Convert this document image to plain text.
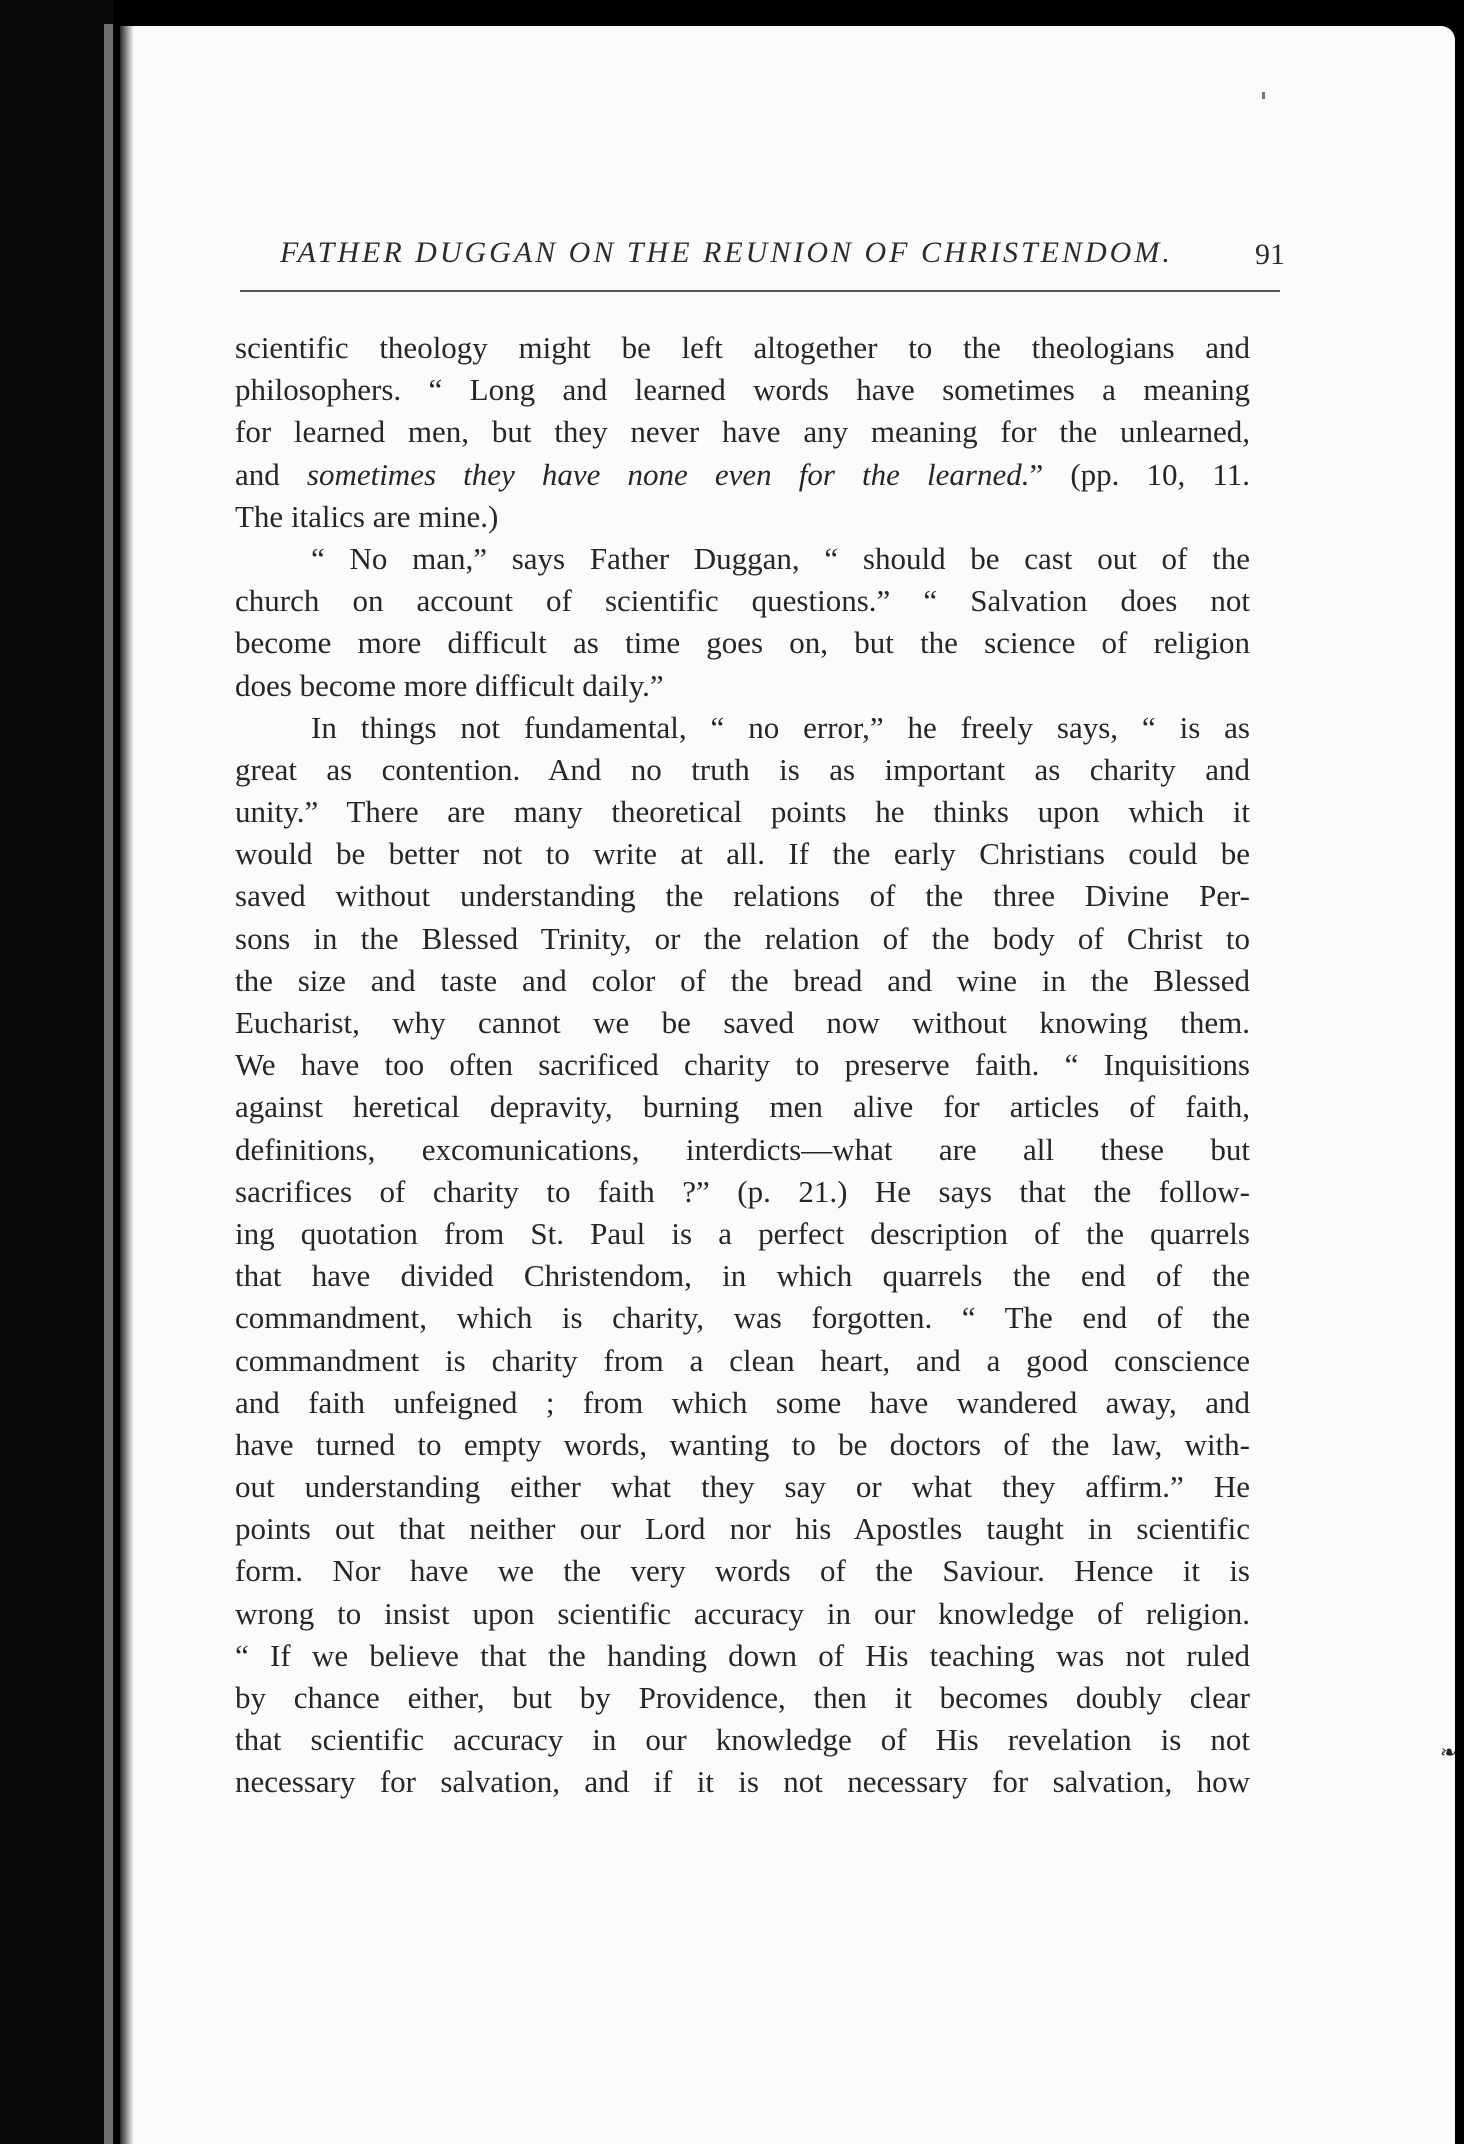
FATHER DUGGAN ON THE REUNION OF CHRISTENDOM.	91
scientific theology might be left altogether to the theologians and
philosophers. “ Long and learned words have sometimes a meaning
for learned men, but they never have any meaning for the unlearned,
and sometimes they have none even for the learned.” (pp. 10, 11.
The italics are mine.)
“ No man,” says Father Duggan, “ should be cast out of the
church on account of scientific questions.” “ Salvation does not
become more difficult as time goes on, but the science of religion
does become more difficult daily.”
In things not fundamental, “ no error,” he freely says, “ is as
great as contention. And no truth is as important as charity and
unity.” There are many theoretical points he thinks upon which it
would be better not to write at all. If the early Christians could be
saved without understanding the relations of the three Divine Per-
sons in the Blessed Trinity, or the relation of the body of Christ to
the size and taste and color of the bread and wine in the Blessed
Eucharist, why cannot we be saved now without knowing them.
We have too often sacrificed charity to preserve faith. “ Inquisitions
against heretical depravity, burning men alive for articles of faith,
definitions, excomunications, interdicts—what are all these but
sacrifices of charity to faith ?” (p. 21.) He says that the follow-
ing quotation from St. Paul is a perfect description of the quarrels
that have divided Christendom, in which quarrels the end of the
commandment, which is charity, was forgotten. “ The end of the
commandment is charity from a clean heart, and a good conscience
and faith unfeigned ; from which some have wandered away, and
have turned to empty words, wanting to be doctors of the law, with-
out understanding either what they say or what they affirm.” He
points out that neither our Lord nor his Apostles taught in scientific
form. Nor have we the very words of the Saviour. Hence it is
wrong to insist upon scientific accuracy in our knowledge of religion.
“ If we believe that the handing down of His teaching was not ruled
by chance either, but by Providence, then it becomes doubly clear
that scientific accuracy in our knowledge of His revelation is not
necessary for salvation, and if it is not necessary for salvation, how
❧
